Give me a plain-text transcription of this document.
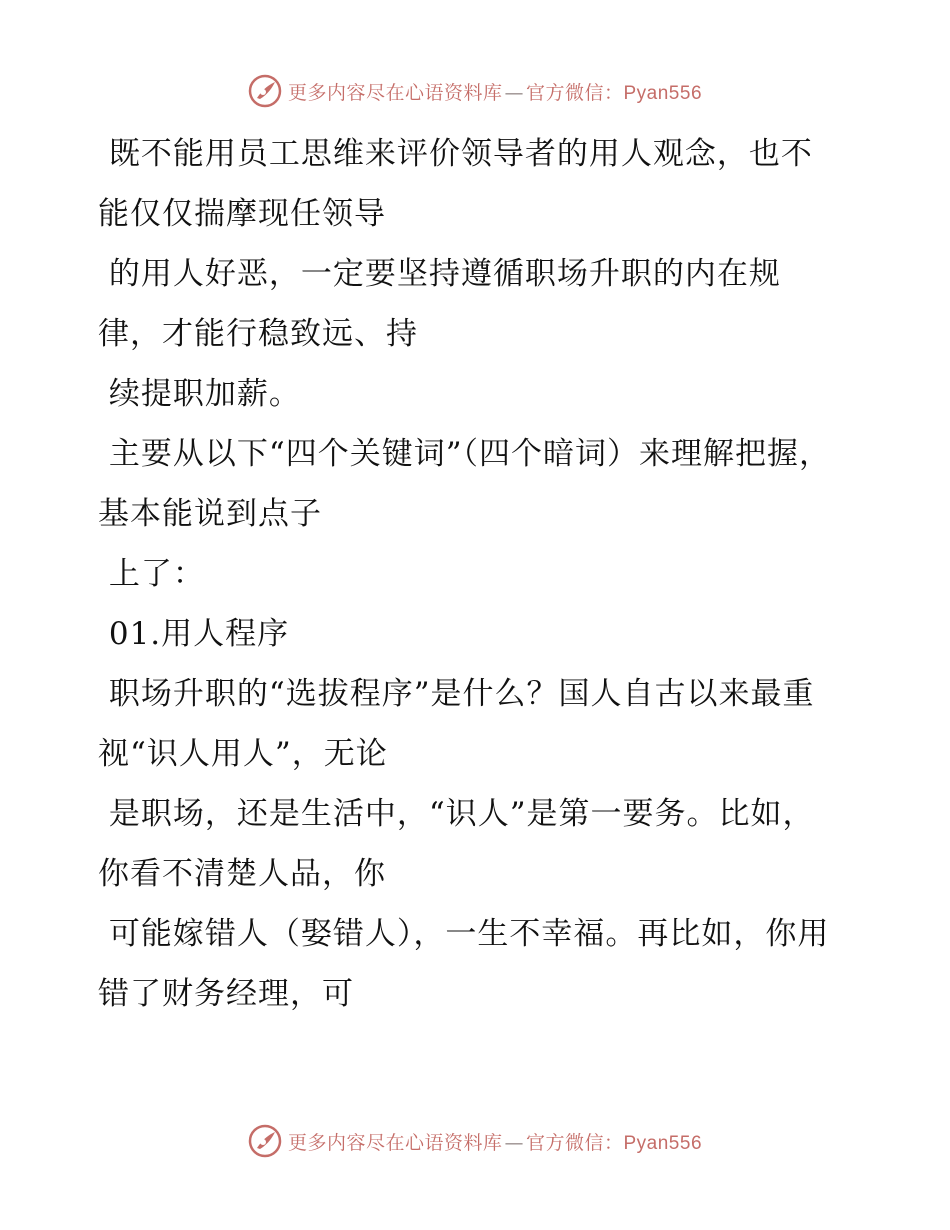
更多内容尽在心语资料库 — 官方微信：Pyan556

既不能用员工思维来评价领导者的用人观念，也不能仅仅揣摩现任领导

的用人好恶，一定要坚持遵循职场升职的内在规律，才能行稳致远、持

续提职加薪。

主要从以下“四个关键词”（四个暗词）来理解把握，基本能说到点子

上了：

01.用人程序

职场升职的“选拔程序”是什么？国人自古以来最重视“识人用人”，无论

是职场，还是生活中，“识人”是第一要务。比如，你看不清楚人品，你

可能嫁错人（娶错人），一生不幸福。再比如，你用错了财务经理，可

更多内容尽在心语资料库 — 官方微信：Pyan556
